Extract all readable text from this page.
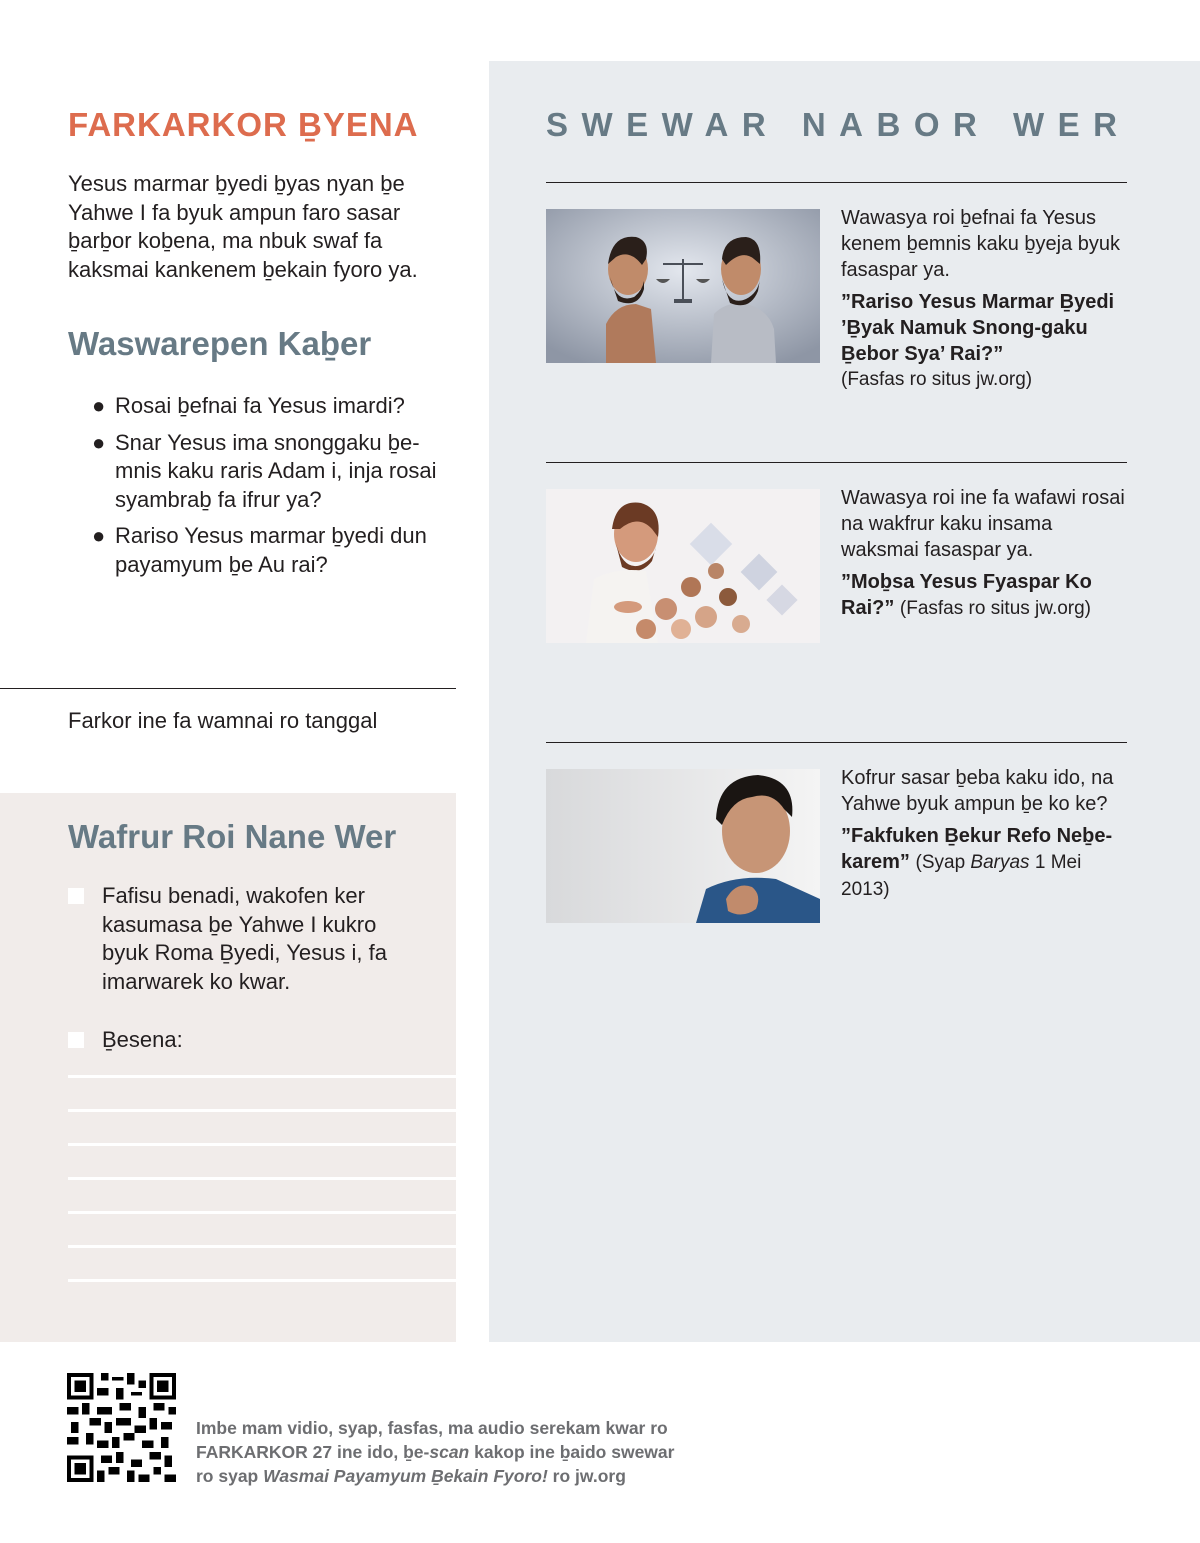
FARKARKOR ḆYENA

Yesus marmar ḇyedi ḇyas nyan ḇe Yahwe I fa byuk ampun faro sasar ḇarḇor koḇena, ma nbuk swaf fa kaksmai kankenem ḇekain fyoro ya.

Waswarepen Kaḇer
● Rosai ḇefnai fa Yesus imardi?
● Snar Yesus ima snonggaku ḇe-mnis kaku raris Adam i, inja rosai syambraḇ fa ifrur ya?
● Rariso Yesus marmar ḇyedi dun payamyum ḇe Au rai?
Farkor ine fa wamnai ro tanggal
Wafrur Roi Nane Wer
Fafisu benadi, wakofen ker kasumasa ḇe Yahwe I kukro byuk Roma Ḇyedi, Yesus i, fa imarwarek ko kwar.
Ḇesena:
SWEWAR NABOR WER
Wawasya roi ḇefnai fa Yesus kenem ḇemnis kaku ḇyeja byuk fasaspar ya.
”Rariso Yesus Marmar Ḇyedi ’Ḇyak Namuk Snong-gaku Ḇebor Sya’ Rai?”
(Fasfas ro situs jw.org)
Wawasya roi ine fa wafawi rosai na wakfrur kaku insama waksmai fasaspar ya.
”Moḇsa Yesus Fyaspar Ko Rai?” (Fasfas ro situs jw.org)
Kofrur sasar ḇeba kaku ido, na Yahwe byuk ampun ḇe ko ke?
”Fakfuken Ḇekur Refo Neḇe-karem” (Syap Baryas 1 Mei 2013)
Imbe mam vidio, syap, fasfas, ma audio serekam kwar ro
FARKARKOR 27 ine ido, ḇe-scan kakop ine ḇaido swewar
ro syap Wasmai Payamyum Ḇekain Fyoro! ro jw.org
